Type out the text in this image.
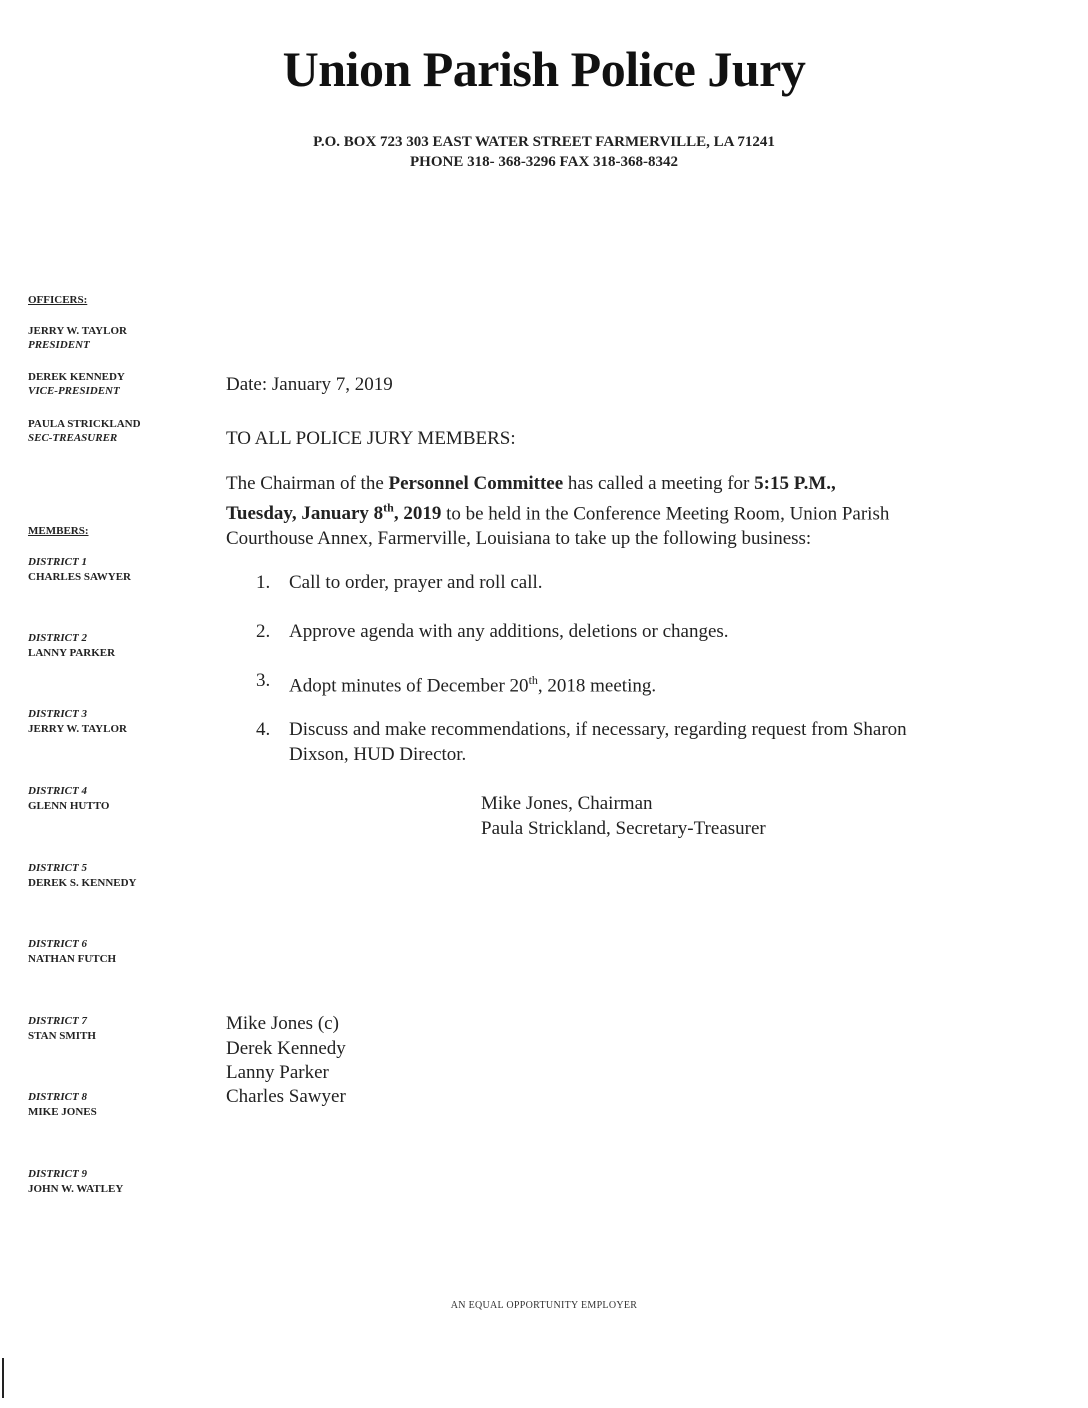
Union Parish Police Jury
P.O. BOX 723 303 EAST WATER STREET FARMERVILLE, LA 71241
PHONE 318- 368-3296 FAX 318-368-8342
OFFICERS:
JERRY W. TAYLOR
PRESIDENT
DEREK KENNEDY
VICE-PRESIDENT
PAULA STRICKLAND
SEC-TREASURER
MEMBERS:
DISTRICT 1
CHARLES SAWYER
DISTRICT 2
LANNY PARKER
DISTRICT 3
JERRY W. TAYLOR
DISTRICT 4
GLENN HUTTO
DISTRICT 5
DEREK S. KENNEDY
DISTRICT 6
NATHAN FUTCH
DISTRICT 7
STAN SMITH
DISTRICT 8
MIKE JONES
DISTRICT 9
JOHN W. WATLEY
Date: January 7, 2019
TO ALL POLICE JURY MEMBERS:
The Chairman of the Personnel Committee has called a meeting for 5:15 P.M.,
Tuesday, January 8th, 2019 to be held in the Conference Meeting Room, Union Parish Courthouse Annex, Farmerville, Louisiana to take up the following business:
1. Call to order, prayer and roll call.
2. Approve agenda with any additions, deletions or changes.
3. Adopt minutes of December 20th, 2018 meeting.
4. Discuss and make recommendations, if necessary, regarding request from Sharon Dixson, HUD Director.
Mike Jones, Chairman
Paula Strickland, Secretary-Treasurer
Mike Jones (c)
Derek Kennedy
Lanny Parker
Charles Sawyer
AN EQUAL OPPORTUNITY EMPLOYER
